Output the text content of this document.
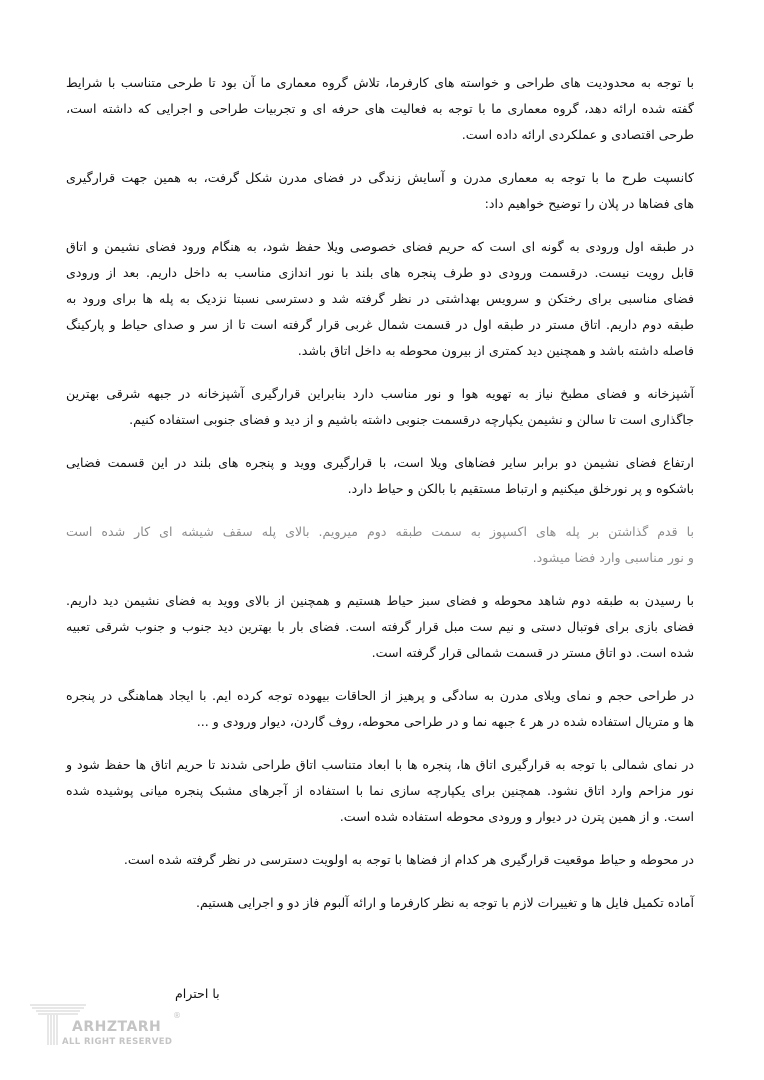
با توجه به محدودیت های طراحی و خواسته های کارفرما، تلاش گروه معماری ما آن بود تا طرحی متناسب با شرایط
گفته شده ارائه دهد، گروه معماری ما با توجه به فعالیت های حرفه ای و تجربیات طراحی و اجرایی که داشته است،
طرحی اقتصادی و عملکردی ارائه داده است.

کانسپت طرح ما با توجه به معماری مدرن و آسایش زندگی در فضای مدرن شکل گرفت، به همین جهت قرارگیری
های فضاها در پلان را توضیح خواهیم داد:

در طبقه اول ورودی به گونه ای است که حریم فضای خصوصی ویلا حفظ شود، به هنگام ورود فضای نشیمن و اتاق
قابل رویت نیست. درقسمت ورودی دو طرف پنجره های بلند با نور اندازی مناسب به داخل داریم. بعد از ورودی
فضای مناسبی برای رختکن و سرویس بهداشتی در نظر گرفته شد و دسترسی نسبتا نزدیک به پله ها برای ورود به
طبقه دوم داریم. اتاق مستر در طبقه اول در قسمت شمال غربی قرار گرفته است تا از سر و صدای حیاط و پارکینگ
فاصله داشته باشد و همچنین دید کمتری از بیرون محوطه به داخل اتاق باشد.

آشپزخانه و فضای مطبخ نیاز به تهویه هوا و نور مناسب دارد بنابراین قرارگیری آشپزخانه در جبهه شرقی بهترین
جاگذاری است تا سالن و نشیمن یکپارچه درقسمت جنوبی داشته باشیم و از دید و فضای جنوبی استفاده کنیم.

ارتفاع فضای نشیمن دو برابر سایر فضاهای ویلا است، با قرارگیری ووید و پنجره های بلند در این قسمت فضایی
باشکوه و پر نورخلق میکنیم و ارتباط مستقیم با بالکن و حیاط دارد.

با قدم گذاشتن بر پله های اکسپوز به سمت طبقه دوم میرویم. بالای پله سقف شیشه ای کار شده است
و نور مناسبی وارد فضا میشود.

با رسیدن به طبقه دوم شاهد محوطه و فضای سبز حیاط هستیم و همچنین از بالای ووید به فضای نشیمن دید داریم.
فضای بازی برای فوتبال دستی و نیم ست مبل قرار گرفته است. فضای بار با بهترین دید جنوب و جنوب شرقی تعبیه
شده است. دو اتاق مستر در قسمت شمالی قرار گرفته است.

در طراحی حجم و نمای ویلای مدرن به سادگی و پرهیز از الحاقات بیهوده توجه کرده ایم. با ایجاد هماهنگی در پنجره
ها و متریال استفاده شده در هر ٤ جبهه نما و در طراحی محوطه، روف گاردن، دیوار ورودی و ...

در نمای شمالی با توجه به قرارگیری اتاق ها، پنجره ها با ابعاد متناسب اتاق طراحی شدند تا حریم اتاق ها حفظ شود و
نور مزاحم وارد اتاق نشود. همچنین برای یکپارچه سازی نما با استفاده از آجرهای مشبک پنجره میانی پوشیده شده
است. و از همین پترن در دیوار و ورودی محوطه استفاده شده است.

در محوطه و حیاط موقعیت قرارگیری هر کدام از فضاها با توجه به اولویت دسترسی در نظر گرفته شده است.

آماده تکمیل فایل ها و تغییرات لازم با توجه به نظر کارفرما و ارائه آلبوم فاز دو و اجرایی هستیم.

با احترام
ARHZTARH
®
ALL RIGHT RESERVED
